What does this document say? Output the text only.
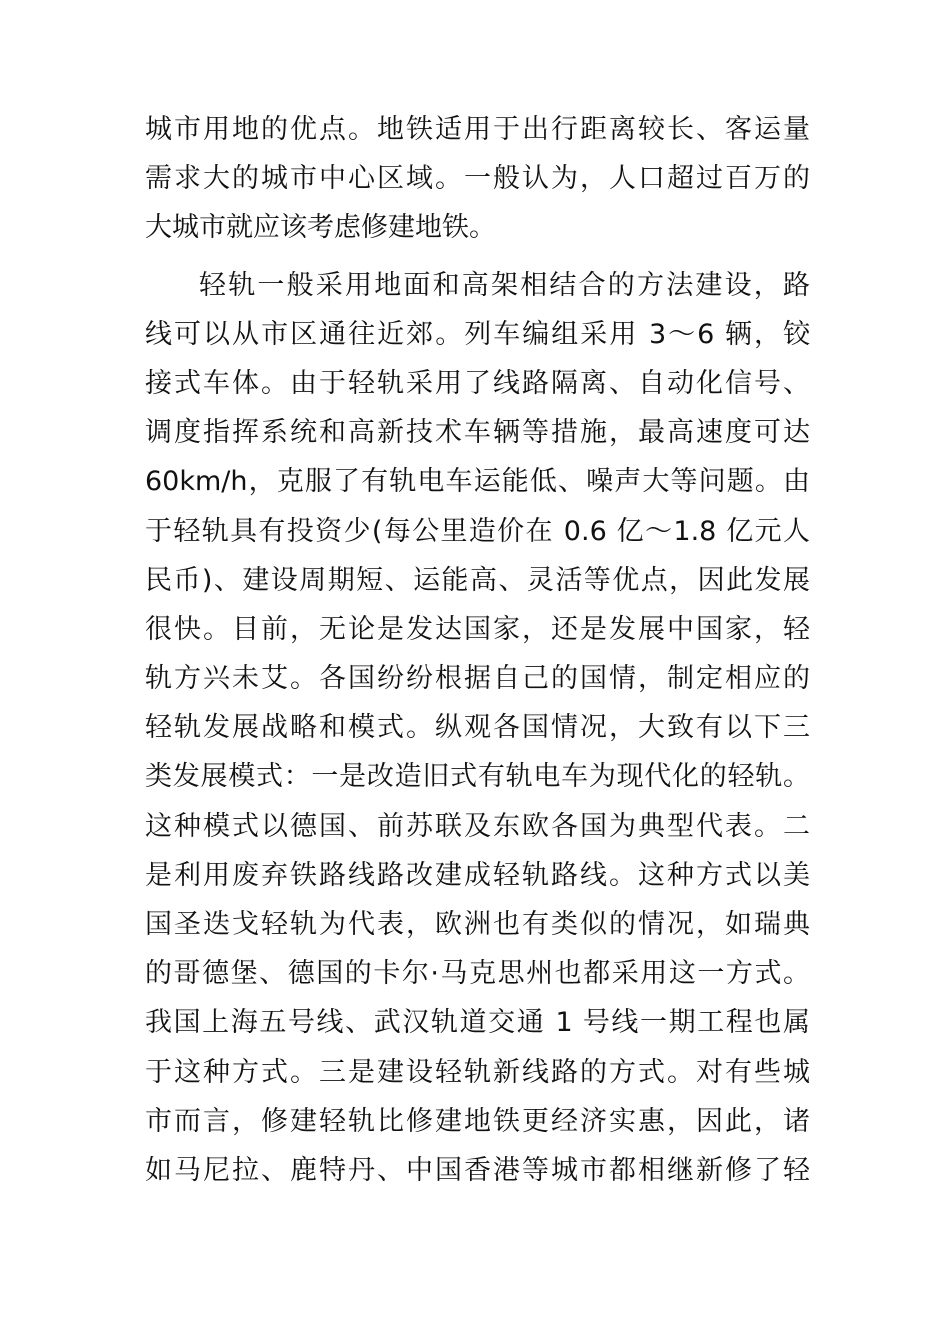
城市用地的优点。地铁适用于出行距离较长、客运量
需求大的城市中心区域。一般认为，人口超过百万的
大城市就应该考虑修建地铁。
轻轨一般采用地面和高架相结合的方法建设，路
线可以从市区通往近郊。列车编组采用 3～6 辆，铰
接式车体。由于轻轨采用了线路隔离、自动化信号、
调度指挥系统和高新技术车辆等措施，最高速度可达
60km/h，克服了有轨电车运能低、噪声大等问题。由
于轻轨具有投资少(每公里造价在 0.6 亿～1.8 亿元人
民币)、建设周期短、运能高、灵活等优点，因此发展
很快。目前，无论是发达国家，还是发展中国家，轻
轨方兴未艾。各国纷纷根据自己的国情，制定相应的
轻轨发展战略和模式。纵观各国情况，大致有以下三
类发展模式：一是改造旧式有轨电车为现代化的轻轨。
这种模式以德国、前苏联及东欧各国为典型代表。二
是利用废弃铁路线路改建成轻轨路线。这种方式以美
国圣迭戈轻轨为代表，欧洲也有类似的情况，如瑞典
的哥德堡、德国的卡尔·马克思州也都采用这一方式。
我国上海五号线、武汉轨道交通 1 号线一期工程也属
于这种方式。三是建设轻轨新线路的方式。对有些城
市而言，修建轻轨比修建地铁更经济实惠，因此，诸
如马尼拉、鹿特丹、中国香港等城市都相继新修了轻
